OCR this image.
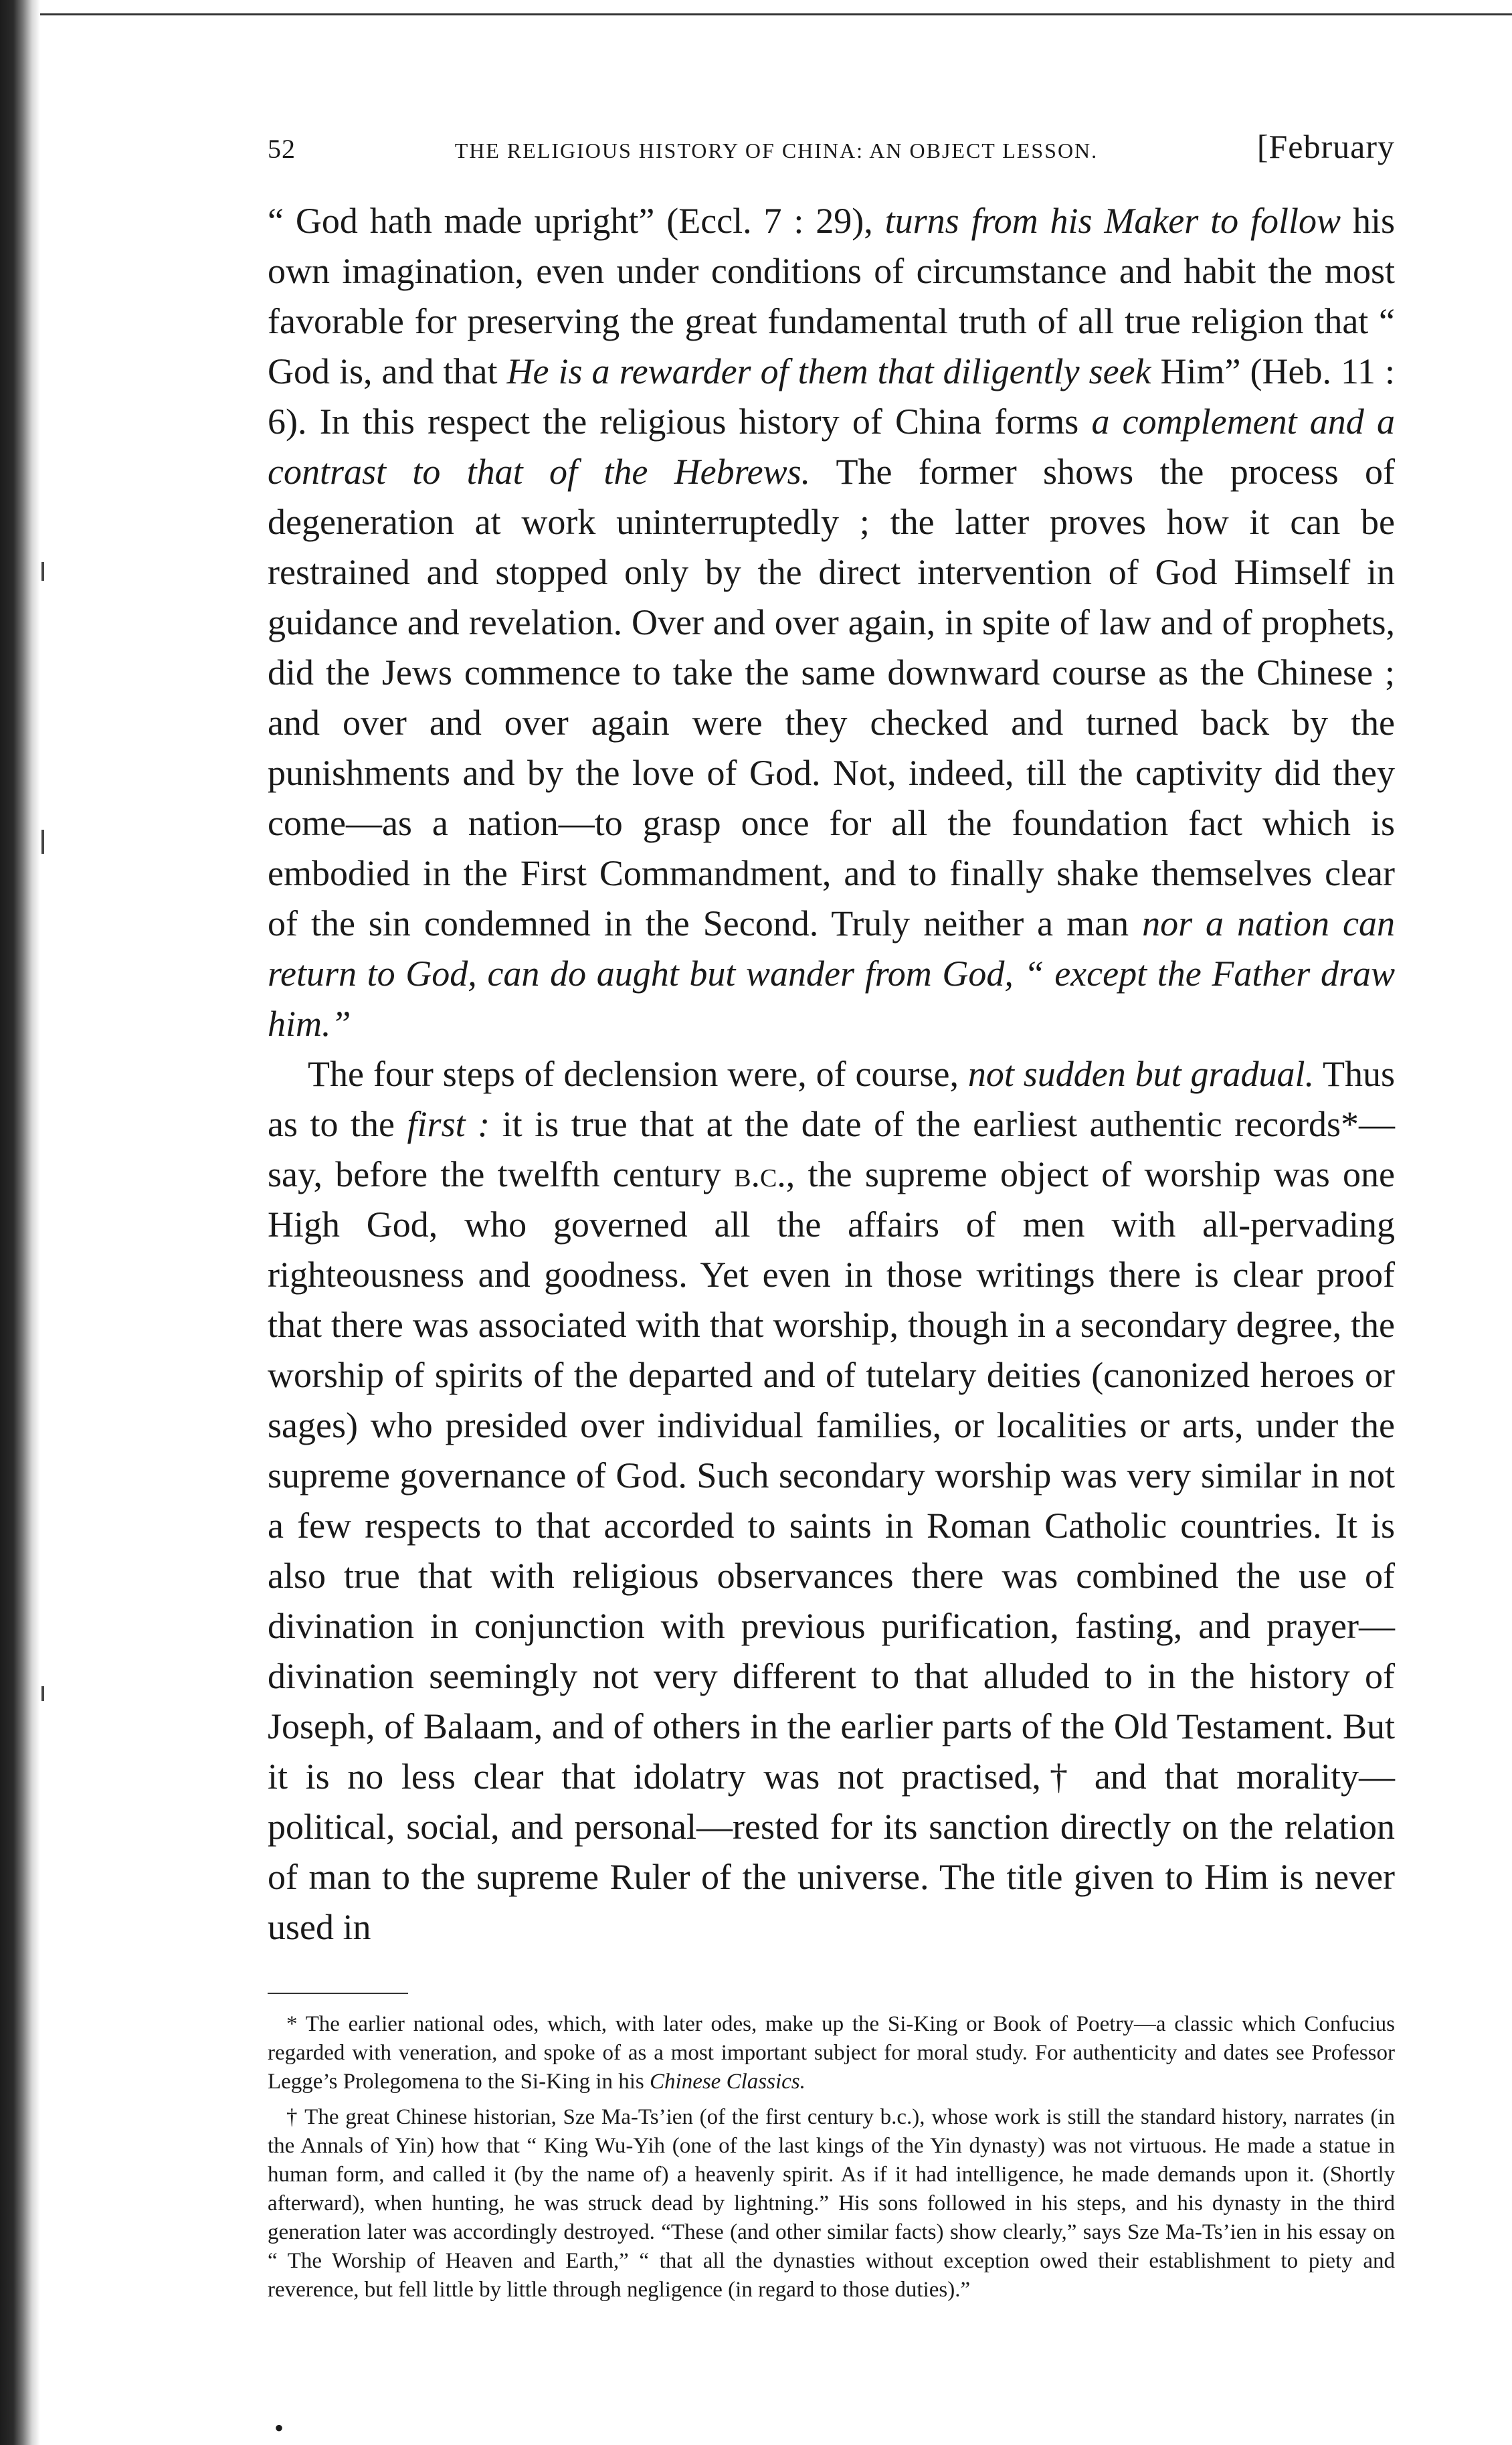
52	THE RELIGIOUS HISTORY OF CHINA: AN OBJECT LESSON.	[February

“ God hath made upright” (Eccl. 7 : 29), turns from his Maker to follow his own imagination, even under conditions of circumstance and habit the most favorable for preserving the great fundamental truth of all true religion that “ God is, and that He is a rewarder of them that diligently seek Him” (Heb. 11 : 6). In this respect the religious history of China forms a complement and a contrast to that of the Hebrews. The former shows the process of degeneration at work uninterruptedly ; the latter proves how it can be restrained and stopped only by the direct intervention of God Himself in guidance and revelation. Over and over again, in spite of law and of prophets, did the Jews commence to take the same downward course as the Chinese ; and over and over again were they checked and turned back by the punishments and by the love of God. Not, indeed, till the captivity did they come—as a nation—to grasp once for all the foundation fact which is embodied in the First Commandment, and to finally shake themselves clear of the sin condemned in the Second. Truly neither a man nor a nation can return to God, can do aught but wander from God, “ except the Father draw him.”

The four steps of declension were, of course, not sudden but gradual. Thus as to the first : it is true that at the date of the earliest authentic records*—say, before the twelfth century b.c., the supreme object of worship was one High God, who governed all the affairs of men with all-pervading righteousness and goodness. Yet even in those writings there is clear proof that there was associated with that worship, though in a secondary degree, the worship of spirits of the departed and of tutelary deities (canonized heroes or sages) who presided over individual families, or localities or arts, under the supreme governance of God. Such secondary worship was very similar in not a few respects to that accorded to saints in Roman Catholic countries. It is also true that with religious observances there was combined the use of divination in conjunction with previous purification, fasting, and prayer—divination seemingly not very different to that alluded to in the history of Joseph, of Balaam, and of others in the earlier parts of the Old Testament. But it is no less clear that idolatry was not practised,† and that morality—political, social, and personal—rested for its sanction directly on the relation of man to the supreme Ruler of the universe. The title given to Him is never used in

* The earlier national odes, which, with later odes, make up the Si-King or Book of Poetry—a classic which Confucius regarded with veneration, and spoke of as a most important subject for moral study. For authenticity and dates see Professor Legge’s Prolegomena to the Si-King in his Chinese Classics.

† The great Chinese historian, Sze Ma-Ts’ien (of the first century b.c.), whose work is still the standard history, narrates (in the Annals of Yin) how that “ King Wu-Yih (one of the last kings of the Yin dynasty) was not virtuous. He made a statue in human form, and called it (by the name of) a heavenly spirit. As if it had intelligence, he made demands upon it. (Shortly afterward), when hunting, he was struck dead by lightning.” His sons followed in his steps, and his dynasty in the third generation later was accordingly destroyed. “These (and other similar facts) show clearly,” says Sze Ma-Ts’ien in his essay on “ The Worship of Heaven and Earth,” “ that all the dynasties without exception owed their establishment to piety and reverence, but fell little by little through negligence (in regard to those duties).”

•
